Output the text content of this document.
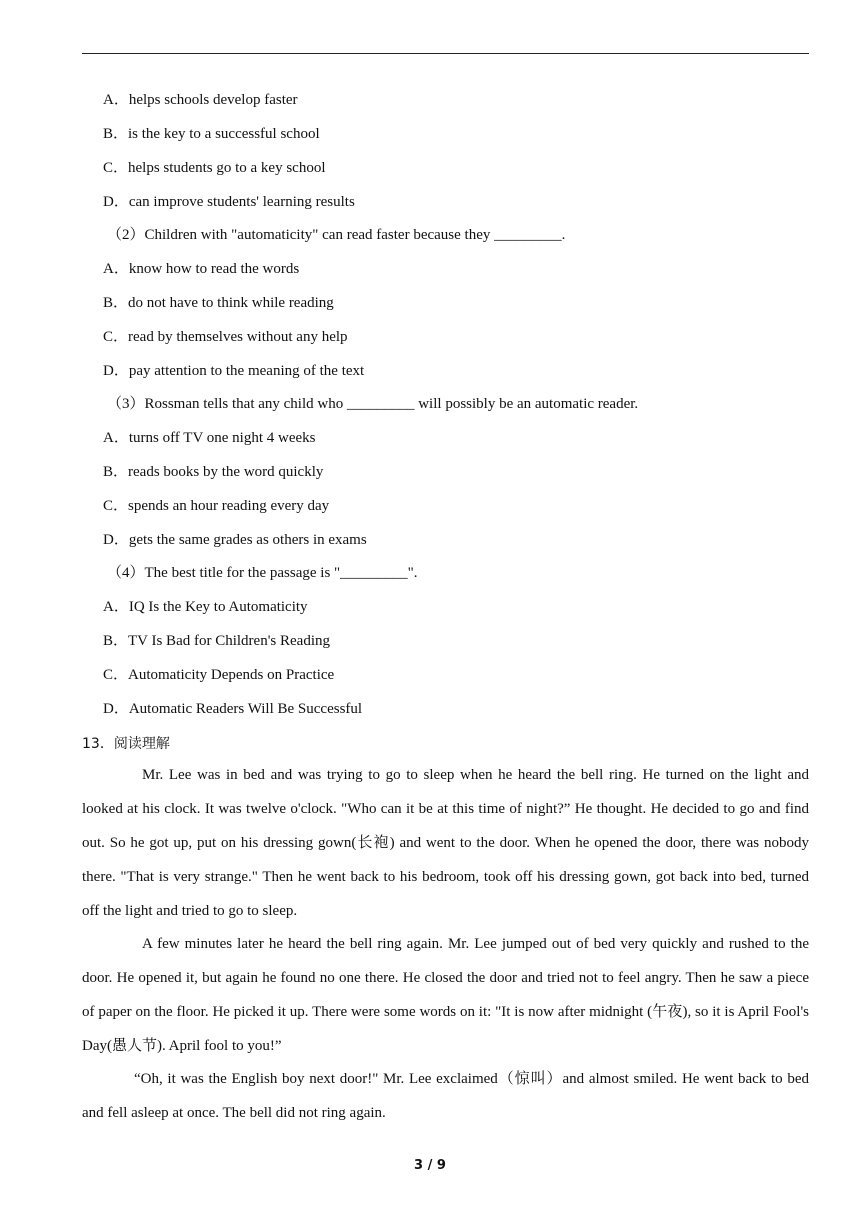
A．helps schools develop faster
B．is the key to a successful school
C．helps students go to a key school
D．can improve students' learning results
（2）Children with "automaticity" can read faster because they _________.
A．know how to read the words
B．do not have to think while reading
C．read by themselves without any help
D．pay attention to the meaning of the text
（3）Rossman tells that any child who _________ will possibly be an automatic reader.
A．turns off TV one night 4 weeks
B．reads books by the word quickly
C．spends an hour reading every day
D．gets the same grades as others in exams
（4）The best title for the passage is "_________".
A．IQ Is the Key to Automaticity
B．TV Is Bad for Children's Reading
C．Automaticity Depends on Practice
D．Automatic Readers Will Be Successful
13．阅读理解
Mr. Lee was in bed and was trying to go to sleep when he heard the bell ring. He turned on the light and looked at his clock. It was twelve o'clock. "Who can it be at this time of night?” He thought. He decided to go and find out. So he got up, put on his dressing gown(长袍) and went to the door. When he opened the door, there was nobody there. "That is very strange." Then he went back to his bedroom, took off his dressing gown, got back into bed, turned off the light and tried to go to sleep.
A few minutes later he heard the bell ring again. Mr. Lee jumped out of bed very quickly and rushed to the door. He opened it, but again he found no one there. He closed the door and tried not to feel angry. Then he saw a piece of paper on the floor. He picked it up. There were some words on it: "It is now after midnight (午夜), so it is April Fool's Day(愚人节). April fool to you!”
“Oh, it was the English boy next door!" Mr. Lee exclaimed（惊叫）and almost smiled. He went back to bed and fell asleep at once. The bell did not ring again.
3 / 9
